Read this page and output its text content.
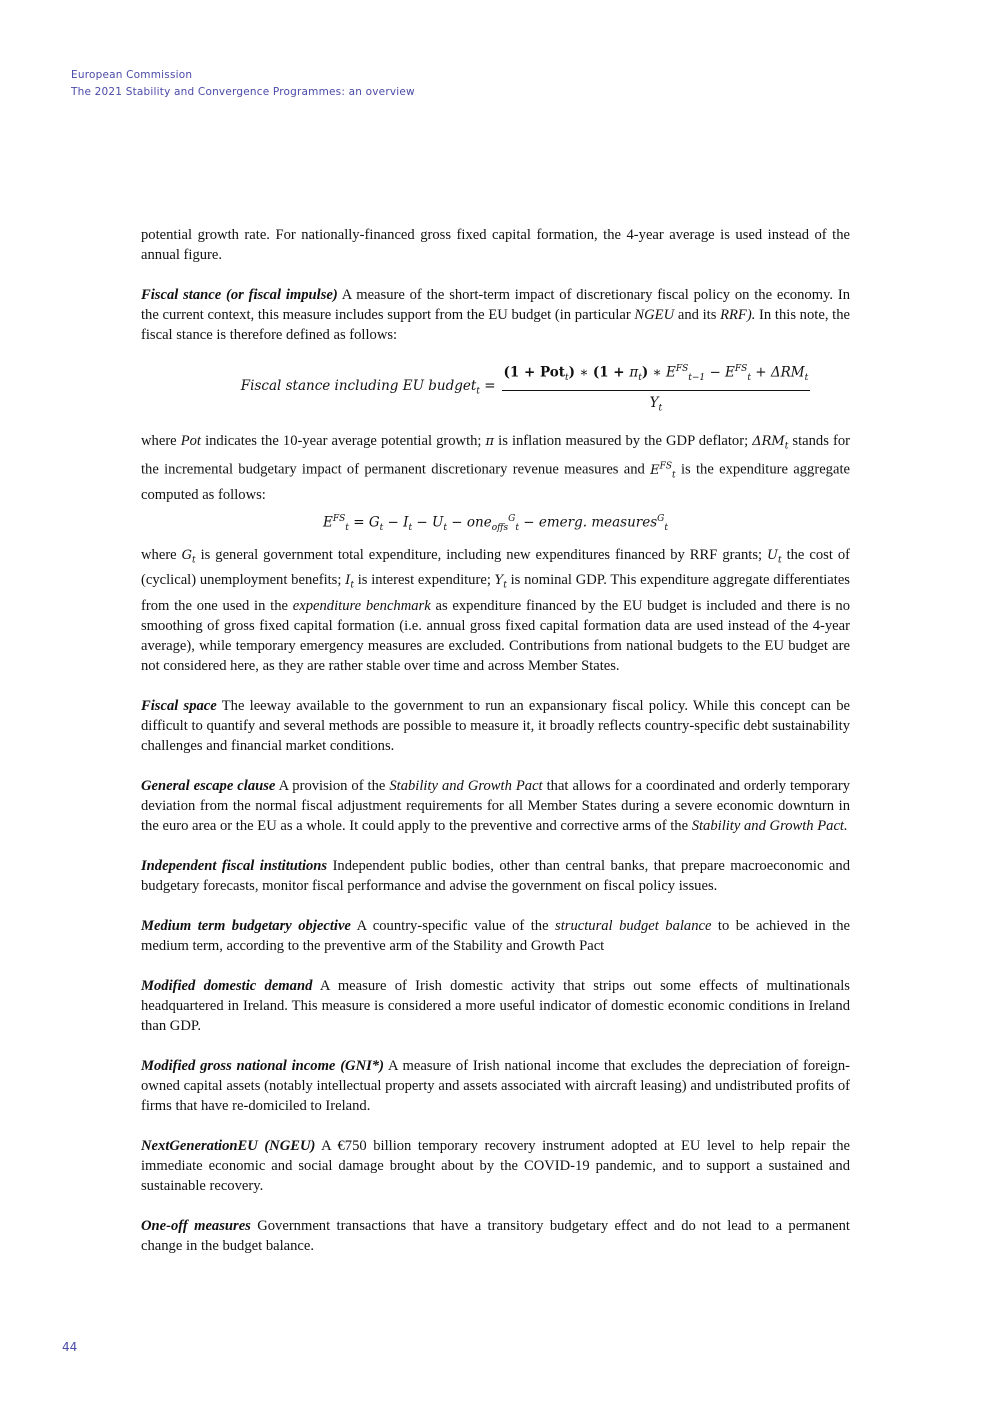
European Commission
The 2021 Stability and Convergence Programmes: an overview

potential growth rate. For nationally-financed gross fixed capital formation, the 4-year average is used instead of the annual figure.

Fiscal stance (or fiscal impulse) A measure of the short-term impact of discretionary fiscal policy on the economy. In the current context, this measure includes support from the EU budget (in particular NGEU and its RRF). In this note, the fiscal stance is therefore defined as follows:

Fiscal stance including EU budget$_t$ = $\frac{(1 + Pot_t) ∗ (1 + \pi_t) ∗ E^{FS}_{t-1} - E^{FS}_t + \Delta RM_t}{Y_t}$

where Pot indicates the 10-year average potential growth; π is inflation measured by the GDP deflator; $\Delta RM_t$ stands for the incremental budgetary impact of permanent discretionary revenue measures and $E^{FS}_t$ is the expenditure aggregate computed as follows:

$E^{FS}_t = G_t - I_t - U_t - one_{offs}^G_t$ − emerg. measures$^G_t$

where $G_t$ is general government total expenditure, including new expenditures financed by RRF grants; $U_t$ the cost of (cyclical) unemployment benefits; $I_t$ is interest expenditure; $Y_t$ is nominal GDP. This expenditure aggregate differentiates from the one used in the expenditure benchmark as expenditure financed by the EU budget is included and there is no smoothing of gross fixed capital formation (i.e. annual gross fixed capital formation data are used instead of the 4-year average), while temporary emergency measures are excluded. Contributions from national budgets to the EU budget are not considered here, as they are rather stable over time and across Member States.

Fiscal space The leeway available to the government to run an expansionary fiscal policy. While this concept can be difficult to quantify and several methods are possible to measure it, it broadly reflects country-specific debt sustainability challenges and financial market conditions.

General escape clause A provision of the Stability and Growth Pact that allows for a coordinated and orderly temporary deviation from the normal fiscal adjustment requirements for all Member States during a severe economic downturn in the euro area or the EU as a whole. It could apply to the preventive and corrective arms of the Stability and Growth Pact.

Independent fiscal institutions Independent public bodies, other than central banks, that prepare macroeconomic and budgetary forecasts, monitor fiscal performance and advise the government on fiscal policy issues.

Medium term budgetary objective A country-specific value of the structural budget balance to be achieved in the medium term, according to the preventive arm of the Stability and Growth Pact

Modified domestic demand A measure of Irish domestic activity that strips out some effects of multinationals headquartered in Ireland. This measure is considered a more useful indicator of domestic economic conditions in Ireland than GDP.

Modified gross national income (GNI*) A measure of Irish national income that excludes the depreciation of foreign-owned capital assets (notably intellectual property and assets associated with aircraft leasing) and undistributed profits of firms that have re-domiciled to Ireland.

NextGenerationEU (NGEU) A €750 billion temporary recovery instrument adopted at EU level to help repair the immediate economic and social damage brought about by the COVID-19 pandemic, and to support a sustained and sustainable recovery.

One-off measures Government transactions that have a transitory budgetary effect and do not lead to a permanent change in the budget balance.

44
